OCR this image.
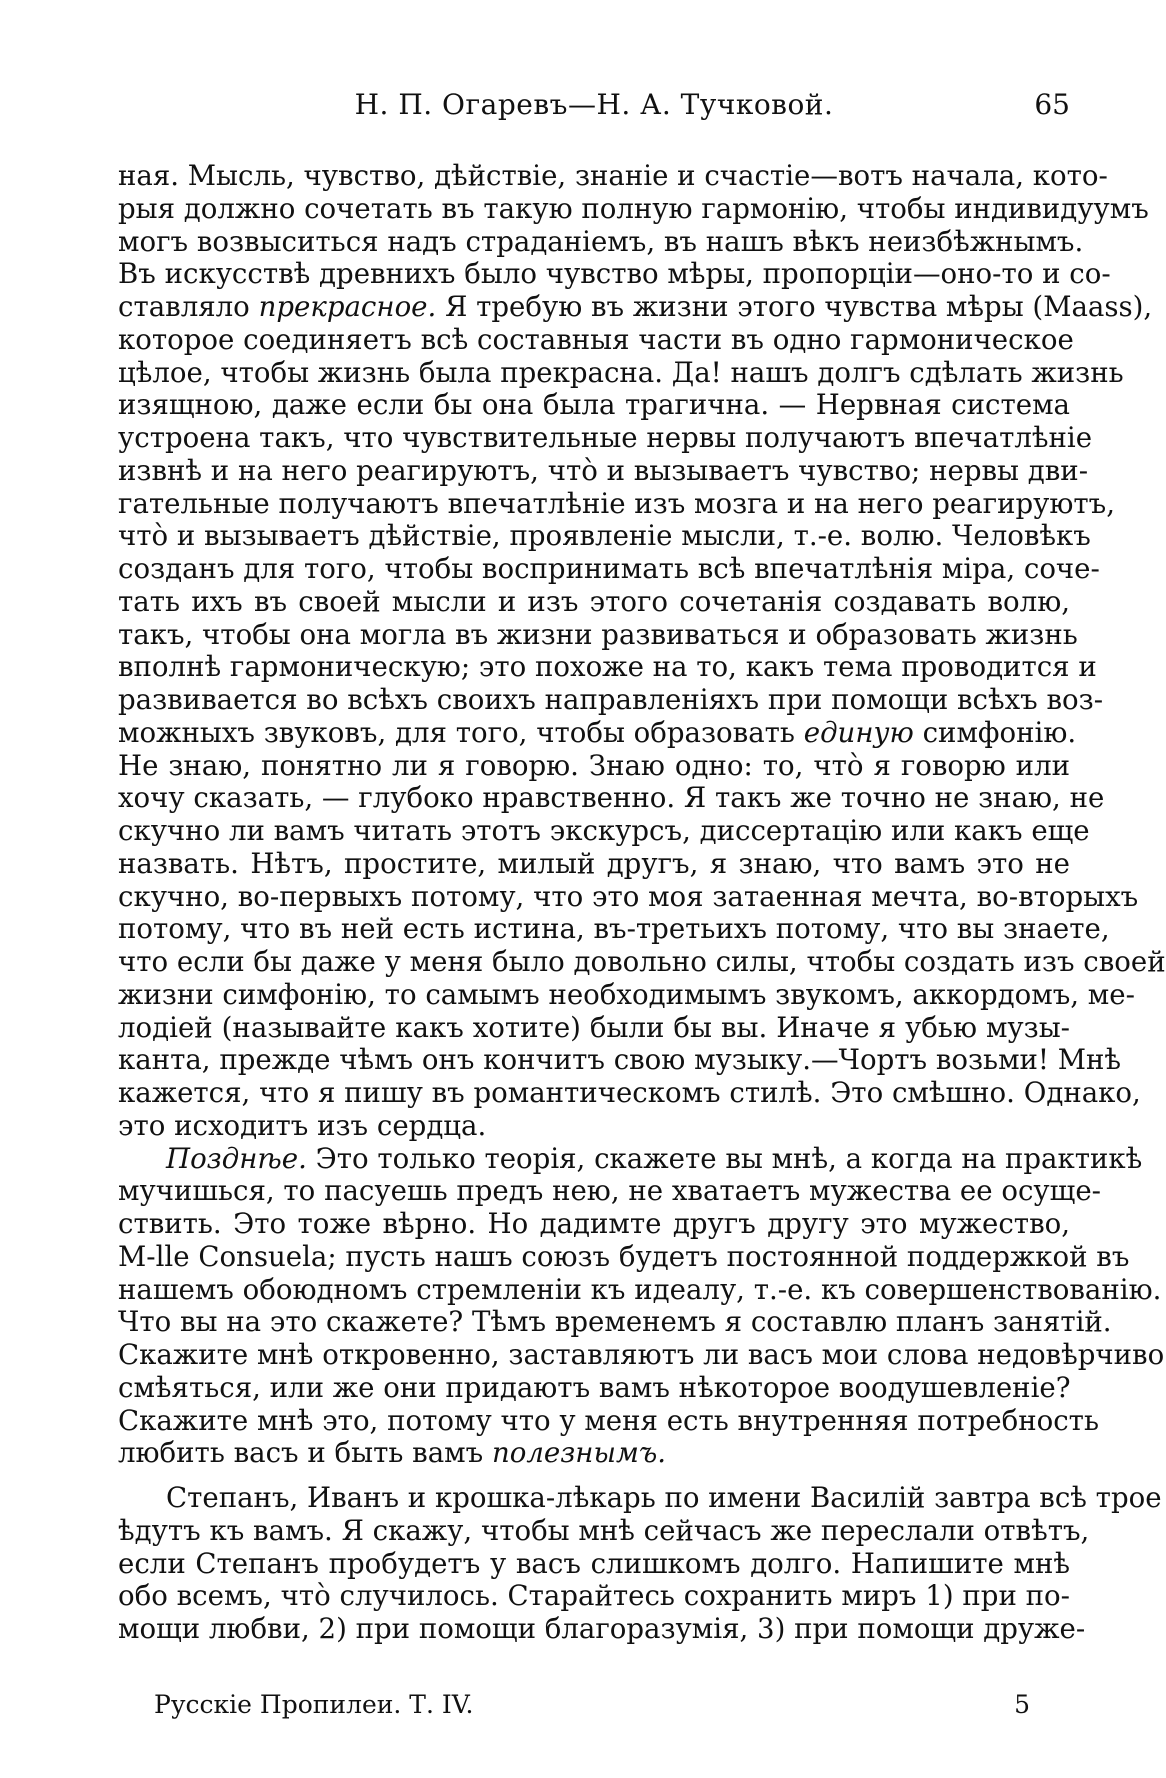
Н. П. Огаревъ—Н. А. Тучковой.	65
ная. Мысль, чувство, дѣйствіе, знаніе и счастіе—вотъ начала, кото-
рыя должно сочетать въ такую полную гармонію, чтобы индивидуумъ
могъ возвыситься надъ страданіемъ, въ нашъ вѣкъ неизбѣжнымъ.
Въ искусствѣ древнихъ было чувство мѣры, пропорціи—оно-то и со-
ставляло прекрасное. Я требую въ жизни этого чувства мѣры (Maass),
которое соединяетъ всѣ составныя части въ одно гармоническое
цѣлое, чтобы жизнь была прекрасна. Да! нашъ долгъ сдѣлать жизнь
изящною, даже если бы она была трагична. — Нервная система
устроена такъ, что чувствительные нервы получаютъ впечатлѣніе
извнѣ и на него реагируютъ, что̀ и вызываетъ чувство; нервы дви-
гательные получаютъ впечатлѣніе изъ мозга и на него реагируютъ,
что̀ и вызываетъ дѣйствіе, проявленіе мысли, т.-е. волю. Человѣкъ
созданъ для того, чтобы воспринимать всѣ впечатлѣнія міра, сочe-
тать ихъ въ своей мысли и изъ этого сочетанія создавать волю,
такъ, чтобы она могла въ жизни развиваться и образовать жизнь
вполнѣ гармоническую; это похоже на то, какъ тема проводится и
развивается во всѣхъ своихъ направленіяхъ при помощи всѣхъ воз-
можныхъ звуковъ, для того, чтобы образовать единую симфонію.
Не знаю, понятно ли я говорю. Знаю одно: то, что̀ я говорю или
хочу сказать, — глубоко нравственно. Я такъ же точно не знаю, не
скучно ли вамъ читать этотъ экскурсъ, диссертацію или какъ еще
назвать. Нѣтъ, простите, милый другъ, я знаю, что вамъ это не
скучно, во-первыхъ потому, что это моя затаенная мечта, во-вторыхъ
потому, что въ ней есть истина, въ-третьихъ потому, что вы знаете,
что если бы даже у меня было довольно силы, чтобы создать изъ своей
жизни симфонію, то самымъ необходимымъ звукомъ, аккордомъ, ме-
лодіей (называйте какъ хотите) были бы вы. Иначе я убью музы-
канта, прежде чѣмъ онъ кончитъ свою музыку.—Чортъ возьми! Мнѣ
кажется, что я пишу въ романтическомъ стилѣ. Это смѣшно. Однако,
это исходитъ изъ сердца.
Позднѣе. Это только теорія, скажете вы мнѣ, а когда на практикѣ
мучишься, то пасуешь предъ нею, не хватаетъ мужества ее осуще-
ствить. Это тоже вѣрно. Но дадимте другъ другу это мужество,
M-lle Consuela; пусть нашъ союзъ будетъ постоянной поддержкой въ
нашемъ обоюдномъ стремленіи къ идеалу, т.-е. къ совершенствованію.
Что вы на это скажете? Тѣмъ временемъ я составлю планъ занятій.
Скажите мнѣ откровенно, заставляютъ ли васъ мои слова недовѣрчиво
смѣяться, или же они придаютъ вамъ нѣкоторое воодушевленіе?
Скажите мнѣ это, потому что у меня есть внутренняя потребность
любить васъ и быть вамъ полезнымъ.
Степанъ, Иванъ и крошка-лѣкарь по имени Василій завтра всѣ трое
ѣдутъ къ вамъ. Я скажу, чтобы мнѣ сейчасъ же переслали отвѣтъ,
если Степанъ пробудетъ у васъ слишкомъ долго. Напишите мнѣ
обо всемъ, что̀ случилось. Старайтесь сохранить миръ 1) при по-
мощи любви, 2) при помощи благоразумія, 3) при помощи друже-
Русскіе Пропилеи. Т. IV.	5
